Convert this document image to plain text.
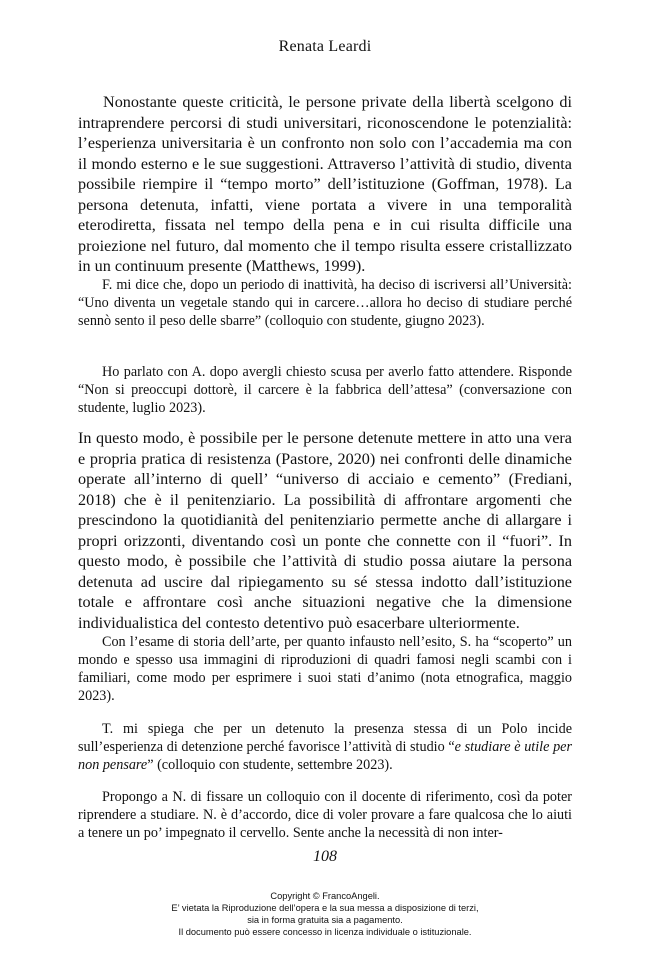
Renata Leardi

Nonostante queste criticità, le persone private della libertà scelgono di intraprendere percorsi di studi universitari, riconoscendone le potenzialità: l’esperienza universitaria è un confronto non solo con l’accademia ma con il mondo esterno e le sue suggestioni. Attraverso l’attività di studio, diventa possibile riempire il “tempo morto” dell’istituzione (Goffman, 1978). La persona detenuta, infatti, viene portata a vivere in una temporalità eterodiretta, fissata nel tempo della pena e in cui risulta difficile una proiezione nel futuro, dal momento che il tempo risulta essere cristallizzato in un continuum presente (Matthews, 1999).

F. mi dice che, dopo un periodo di inattività, ha deciso di iscriversi all’Università: “Uno diventa un vegetale stando qui in carcere…allora ho deciso di studiare perché sennò sento il peso delle sbarre” (colloquio con studente, giugno 2023).

Ho parlato con A. dopo avergli chiesto scusa per averlo fatto attendere. Risponde “Non si preoccupi dottorè, il carcere è la fabbrica dell’attesa” (conversazione con studente, luglio 2023).

In questo modo, è possibile per le persone detenute mettere in atto una vera e propria pratica di resistenza (Pastore, 2020) nei confronti delle dinamiche operate all’interno di quell’ “universo di acciaio e cemento” (Frediani, 2018) che è il penitenziario. La possibilità di affrontare argomenti che prescindono la quotidianità del penitenziario permette anche di allargare i propri orizzonti, diventando così un ponte che connette con il “fuori”. In questo modo, è possibile che l’attività di studio possa aiutare la persona detenuta ad uscire dal ripiegamento su sé stessa indotto dall’istituzione totale e affrontare così anche situazioni negative che la dimensione individualistica del contesto detentivo può esacerbare ulteriormente.

Con l’esame di storia dell’arte, per quanto infausto nell’esito, S. ha “scoperto” un mondo e spesso usa immagini di riproduzioni di quadri famosi negli scambi con i familiari, come modo per esprimere i suoi stati d’animo (nota etnografica, maggio 2023).

T. mi spiega che per un detenuto la presenza stessa di un Polo incide sull’esperienza di detenzione perché favorisce l’attività di studio “e studiare è utile per non pensare” (colloquio con studente, settembre 2023).

Propongo a N. di fissare un colloquio con il docente di riferimento, così da poter riprendere a studiare. N. è d’accordo, dice di voler provare a fare qualcosa che lo aiuti a tenere un po’ impegnato il cervello. Sente anche la necessità di non inter-

108
Copyright © FrancoAngeli.
E’ vietata la Riproduzione dell’opera e la sua messa a disposizione di terzi,
sia in forma gratuita sia a pagamento.
Il documento può essere concesso in licenza individuale o istituzionale.
